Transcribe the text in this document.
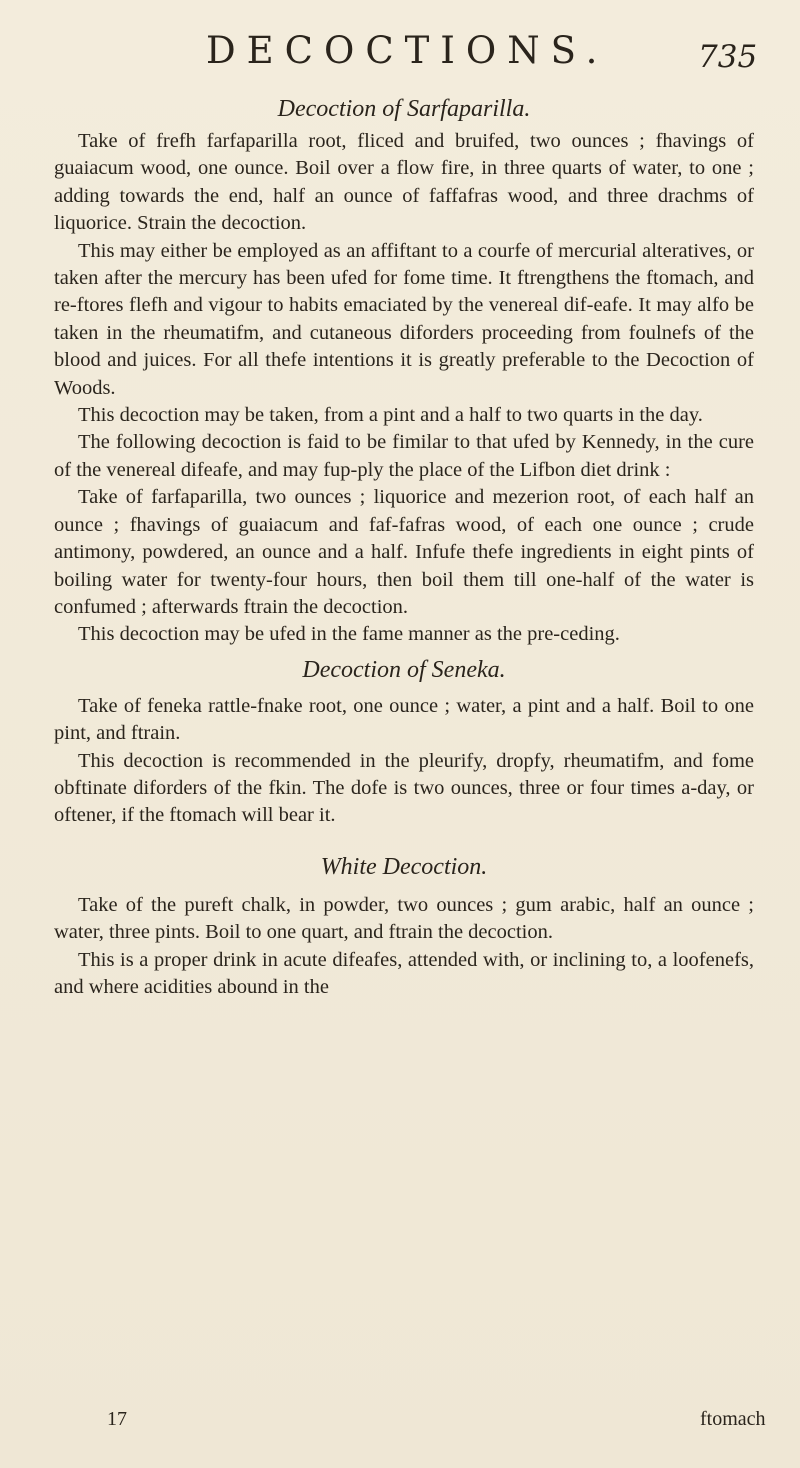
DECOCTIONS.	735
Decoction of Sarfaparilla.

Take of frefh farfaparilla root, fliced and bruifed, two ounces ; fhavings of guaiacum wood, one ounce. Boil over a flow fire, in three quarts of water, to one ; adding towards the end, half an ounce of faffafras wood, and three drachms of liquorice. Strain the decoction.

This may either be employed as an affiftant to a courfe of mercurial alteratives, or taken after the mercury has been ufed for fome time. It ftrengthens the ftomach, and re-ftores flefh and vigour to habits emaciated by the venereal dif-eafe. It may alfo be taken in the rheumatifm, and cutaneous diforders proceeding from foulnefs of the blood and juices. For all thefe intentions it is greatly preferable to the Decoction of Woods.

This decoction may be taken, from a pint and a half to two quarts in the day.

The following decoction is faid to be fimilar to that ufed by Kennedy, in the cure of the venereal difeafe, and may fup-ply the place of the Lifbon diet drink :

Take of farfaparilla, two ounces ; liquorice and mezerion root, of each half an ounce ; fhavings of guaiacum and faf-fafras wood, of each one ounce ; crude antimony, powdered, an ounce and a half. Infufe thefe ingredients in eight pints of boiling water for twenty-four hours, then boil them till one-half of the water is confumed ; afterwards ftrain the decoction.

This decoction may be ufed in the fame manner as the pre-ceding.

Decoction of Seneka.

Take of feneka rattle-fnake root, one ounce ; water, a pint and a half. Boil to one pint, and ftrain.

This decoction is recommended in the pleurify, dropfy, rheumatifm, and fome obftinate diforders of the fkin. The dofe is two ounces, three or four times a-day, or oftener, if the ftomach will bear it.

White Decoction.

Take of the pureft chalk, in powder, two ounces ; gum arabic, half an ounce ; water, three pints. Boil to one quart, and ftrain the decoction.

This is a proper drink in acute difeafes, attended with, or inclining to, a loofenefs, and where acidities abound in the

17	ftomach
